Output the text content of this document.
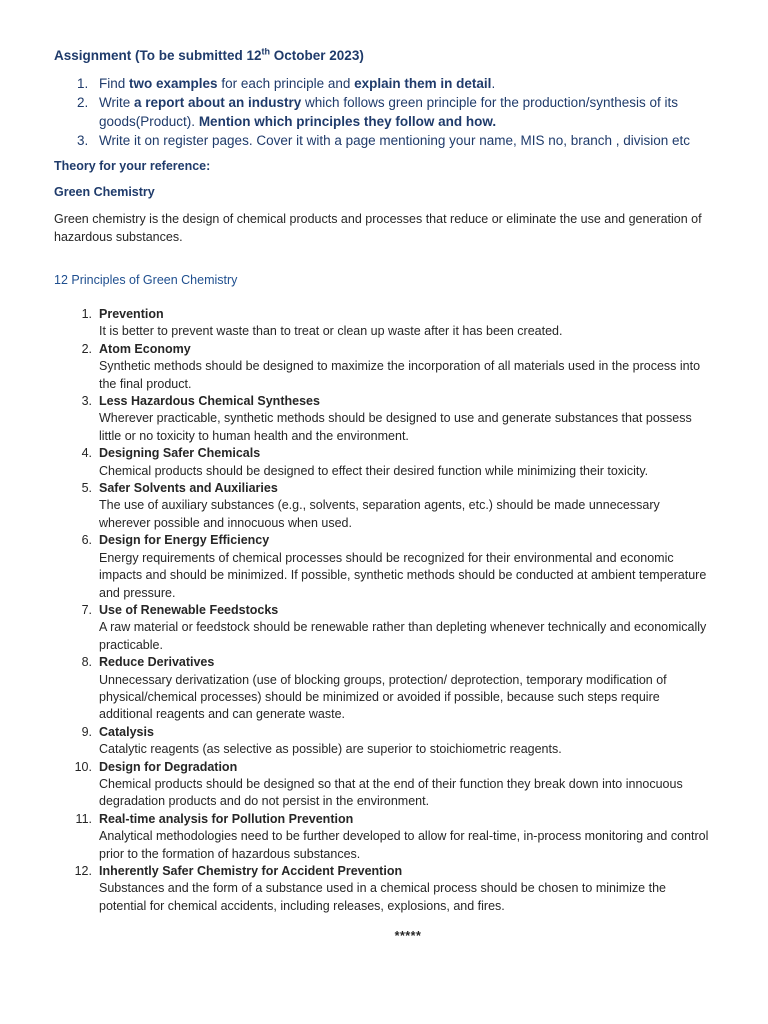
Assignment (To be submitted 12th October 2023)
1. Find two examples for each principle and explain them in detail.
2. Write a report about an industry which follows green principle for the production/synthesis of its goods(Product). Mention which principles they follow and how.
3. Write it on register pages. Cover it with a page mentioning your name, MIS no, branch , division etc
Theory for your reference:
Green Chemistry

Green chemistry is the design of chemical products and processes that reduce or eliminate the use and generation of hazardous substances.

12 Principles of Green Chemistry
1. Prevention
It is better to prevent waste than to treat or clean up waste after it has been created.
2. Atom Economy
Synthetic methods should be designed to maximize the incorporation of all materials used in the process into the final product.
3. Less Hazardous Chemical Syntheses
Wherever practicable, synthetic methods should be designed to use and generate substances that possess little or no toxicity to human health and the environment.
4. Designing Safer Chemicals
Chemical products should be designed to effect their desired function while minimizing their toxicity.
5. Safer Solvents and Auxiliaries
The use of auxiliary substances (e.g., solvents, separation agents, etc.) should be made unnecessary wherever possible and innocuous when used.
6. Design for Energy Efficiency
Energy requirements of chemical processes should be recognized for their environmental and economic impacts and should be minimized. If possible, synthetic methods should be conducted at ambient temperature and pressure.
7. Use of Renewable Feedstocks
A raw material or feedstock should be renewable rather than depleting whenever technically and economically practicable.
8. Reduce Derivatives
Unnecessary derivatization (use of blocking groups, protection/ deprotection, temporary modification of physical/chemical processes) should be minimized or avoided if possible, because such steps require additional reagents and can generate waste.
9. Catalysis
Catalytic reagents (as selective as possible) are superior to stoichiometric reagents.
10. Design for Degradation
Chemical products should be designed so that at the end of their function they break down into innocuous degradation products and do not persist in the environment.
11. Real-time analysis for Pollution Prevention
Analytical methodologies need to be further developed to allow for real-time, in-process monitoring and control prior to the formation of hazardous substances.
12. Inherently Safer Chemistry for Accident Prevention
Substances and the form of a substance used in a chemical process should be chosen to minimize the potential for chemical accidents, including releases, explosions, and fires.
*****
